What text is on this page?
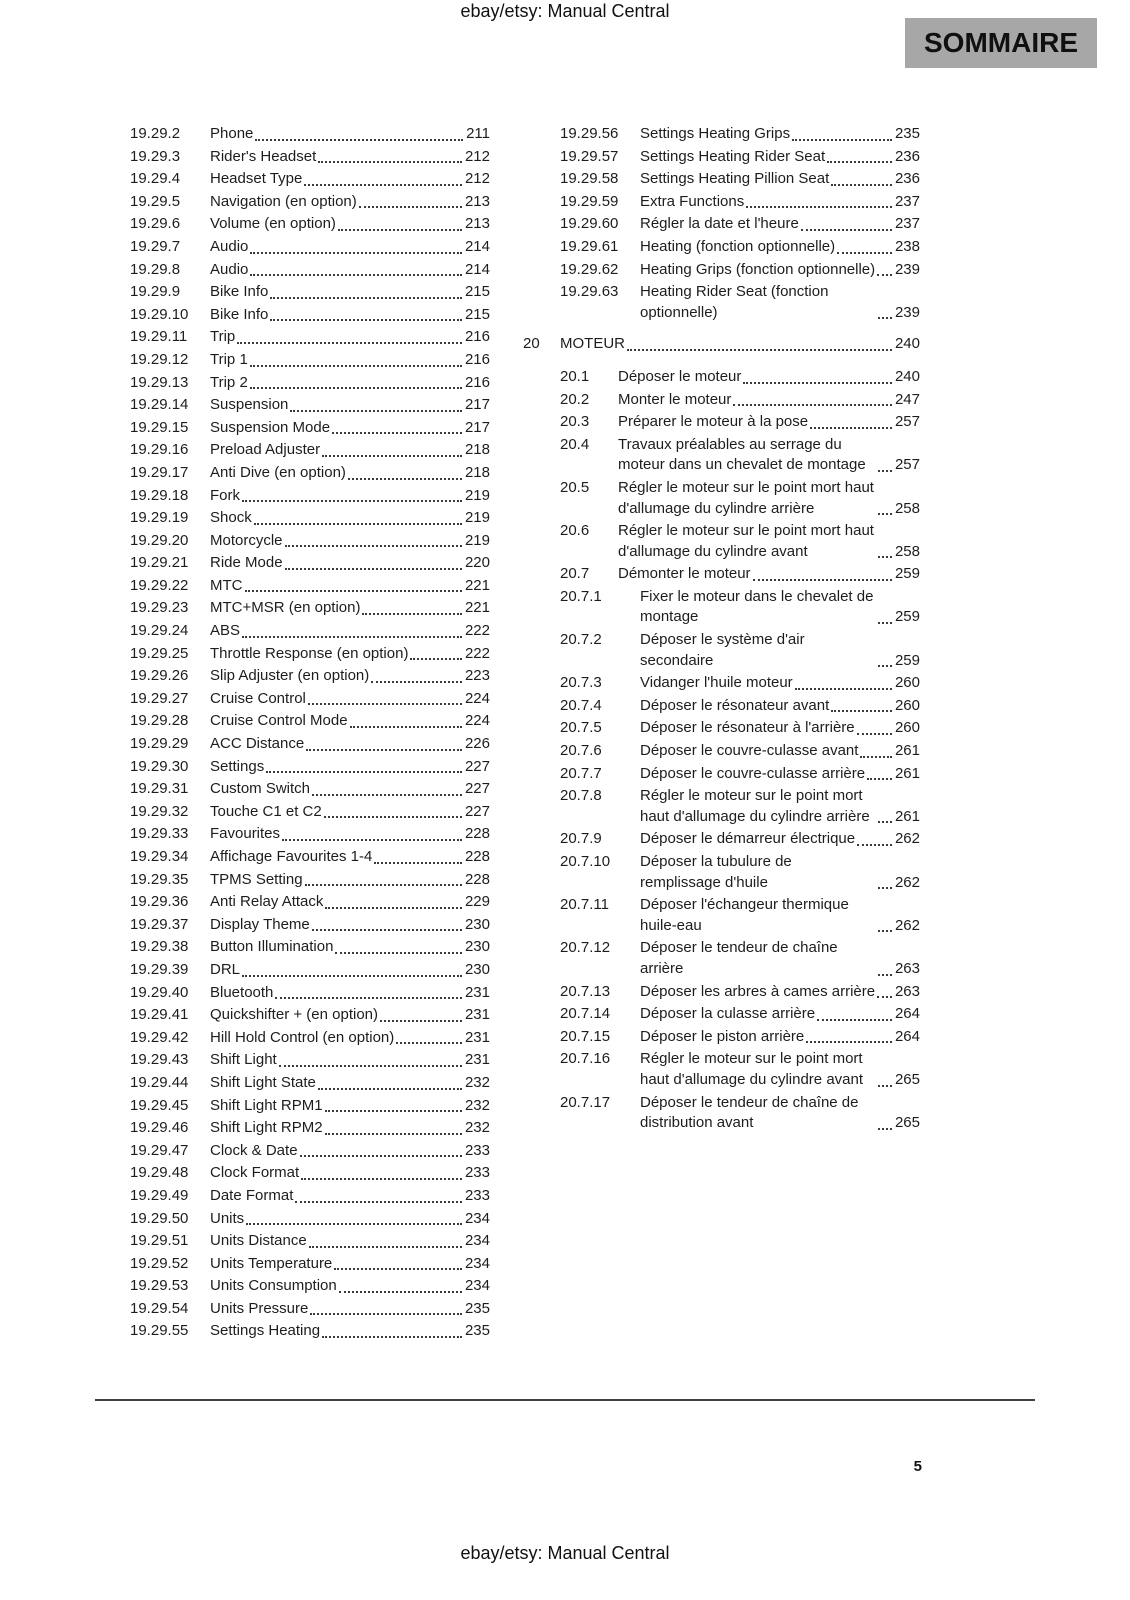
ebay/etsy: Manual Central
SOMMAIRE
19.29.2	Phone	211
19.29.3	Rider's Headset	212
19.29.4	Headset Type	212
19.29.5	Navigation (en option)	213
19.29.6	Volume (en option)	213
19.29.7	Audio	214
19.29.8	Audio	214
19.29.9	Bike Info	215
19.29.10	Bike Info	215
19.29.11	Trip	216
19.29.12	Trip 1	216
19.29.13	Trip 2	216
19.29.14	Suspension	217
19.29.15	Suspension Mode	217
19.29.16	Preload Adjuster	218
19.29.17	Anti Dive (en option)	218
19.29.18	Fork	219
19.29.19	Shock	219
19.29.20	Motorcycle	219
19.29.21	Ride Mode	220
19.29.22	MTC	221
19.29.23	MTC+MSR (en option)	221
19.29.24	ABS	222
19.29.25	Throttle Response (en option)	222
19.29.26	Slip Adjuster (en option)	223
19.29.27	Cruise Control	224
19.29.28	Cruise Control Mode	224
19.29.29	ACC Distance	226
19.29.30	Settings	227
19.29.31	Custom Switch	227
19.29.32	Touche C1 et C2	227
19.29.33	Favourites	228
19.29.34	Affichage Favourites 1-4	228
19.29.35	TPMS Setting	228
19.29.36	Anti Relay Attack	229
19.29.37	Display Theme	230
19.29.38	Button Illumination	230
19.29.39	DRL	230
19.29.40	Bluetooth	231
19.29.41	Quickshifter + (en option)	231
19.29.42	Hill Hold Control (en option)	231
19.29.43	Shift Light	231
19.29.44	Shift Light State	232
19.29.45	Shift Light RPM1	232
19.29.46	Shift Light RPM2	232
19.29.47	Clock & Date	233
19.29.48	Clock Format	233
19.29.49	Date Format	233
19.29.50	Units	234
19.29.51	Units Distance	234
19.29.52	Units Temperature	234
19.29.53	Units Consumption	234
19.29.54	Units Pressure	235
19.29.55	Settings Heating	235
19.29.56	Settings Heating Grips	235
19.29.57	Settings Heating Rider Seat	236
19.29.58	Settings Heating Pillion Seat	236
19.29.59	Extra Functions	237
19.29.60	Régler la date et l'heure	237
19.29.61	Heating (fonction optionnelle)	238
19.29.62	Heating Grips (fonction optionnelle) 239
19.29.63	Heating Rider Seat (fonction optionnelle)	239
20	MOTEUR	240
20.1	Déposer le moteur	240
20.2	Monter le moteur	247
20.3	Préparer le moteur à la pose	257
20.4	Travaux préalables au serrage du moteur dans un chevalet de montage	257
20.5	Régler le moteur sur le point mort haut d'allumage du cylindre arrière	258
20.6	Régler le moteur sur le point mort haut d'allumage du cylindre avant	258
20.7	Démonter le moteur	259
20.7.1	Fixer le moteur dans le chevalet de montage	259
20.7.2	Déposer le système d'air secondaire	259
20.7.3	Vidanger l'huile moteur	260
20.7.4	Déposer le résonateur avant	260
20.7.5	Déposer le résonateur à l'arrière	260
20.7.6	Déposer le couvre-culasse avant 261
20.7.7	Déposer le couvre-culasse arrière 261
20.7.8	Régler le moteur sur le point mort haut d'allumage du cylindre arrière	261
20.7.9	Déposer le démarreur électrique	262
20.7.10	Déposer la tubulure de remplissage d'huile	262
20.7.11	Déposer l'échangeur thermique huile-eau	262
20.7.12	Déposer le tendeur de chaîne arrière	263
20.7.13	Déposer les arbres à cames arrière 263
20.7.14	Déposer la culasse arrière	264
20.7.15	Déposer le piston arrière	264
20.7.16	Régler le moteur sur le point mort haut d'allumage du cylindre avant	265
20.7.17	Déposer le tendeur de chaîne de distribution avant	265
5
ebay/etsy: Manual Central
